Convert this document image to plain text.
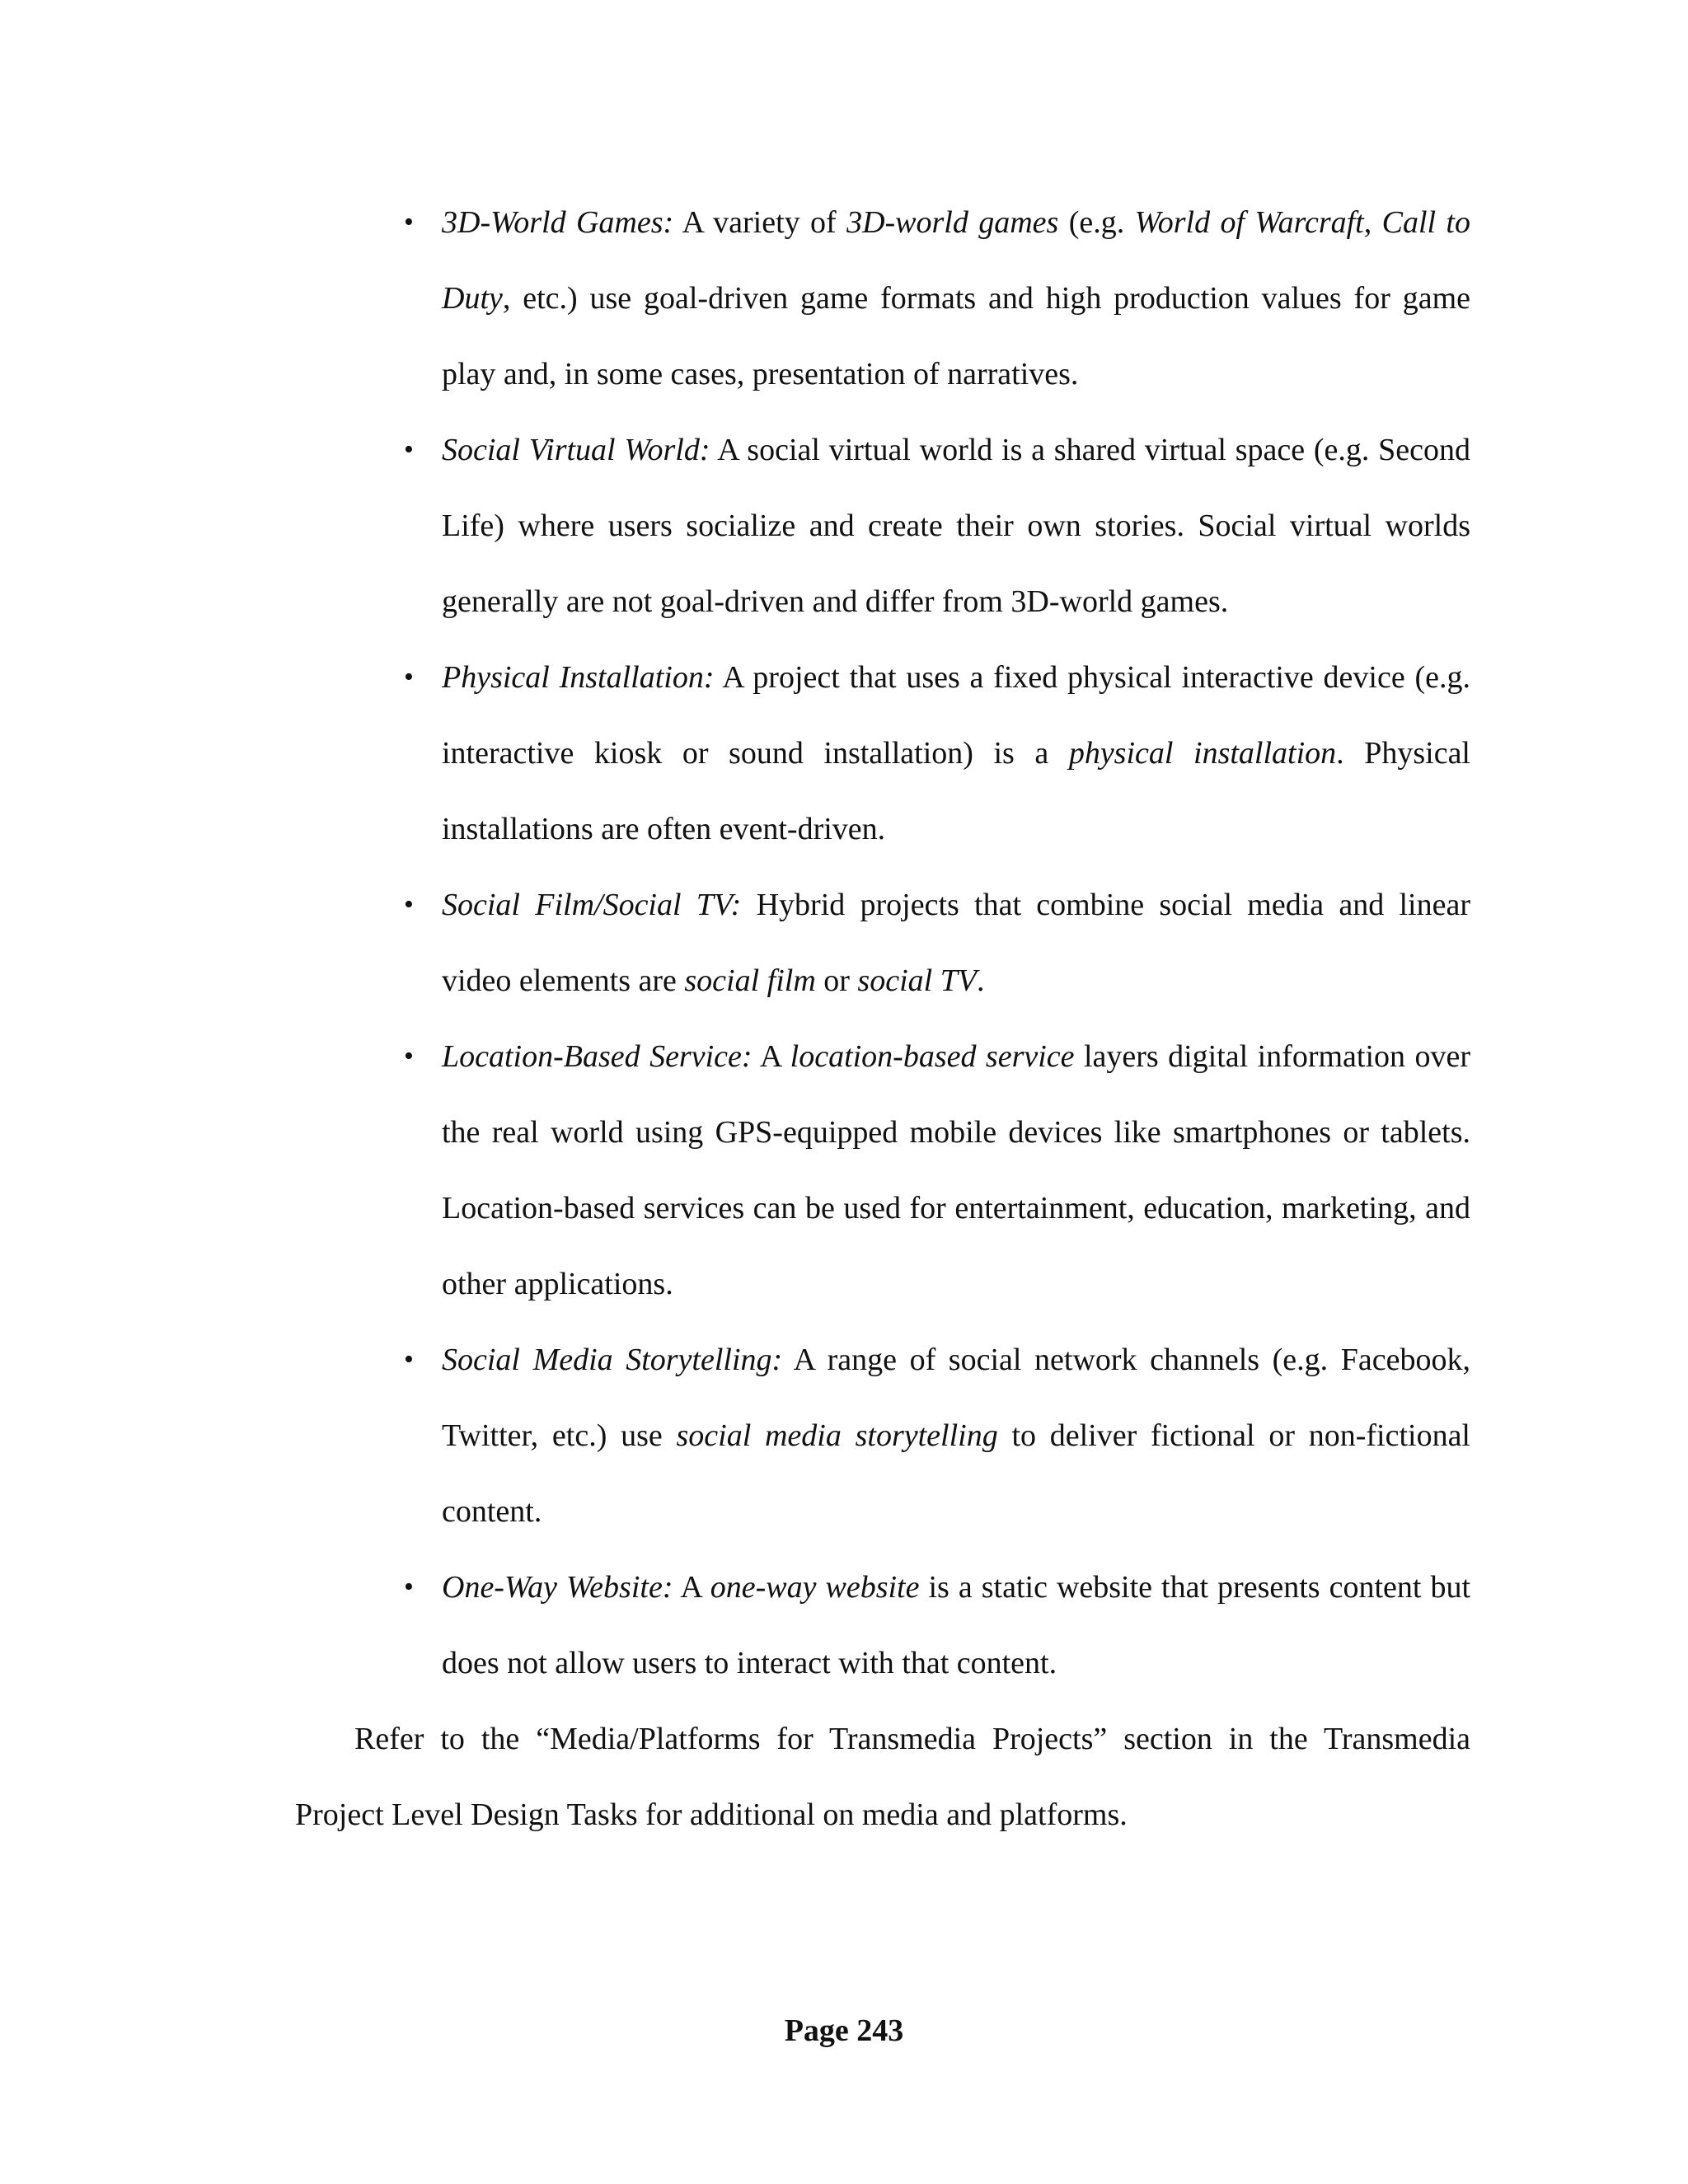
• 3D-World Games: A variety of 3D-world games (e.g. World of Warcraft, Call to Duty, etc.) use goal-driven game formats and high production values for game play and, in some cases, presentation of narratives.
• Social Virtual World: A social virtual world is a shared virtual space (e.g. Second Life) where users socialize and create their own stories. Social virtual worlds generally are not goal-driven and differ from 3D-world games.
• Physical Installation: A project that uses a fixed physical interactive device (e.g. interactive kiosk or sound installation) is a physical installation. Physical installations are often event-driven.
• Social Film/Social TV: Hybrid projects that combine social media and linear video elements are social film or social TV.
• Location-Based Service: A location-based service layers digital information over the real world using GPS-equipped mobile devices like smartphones or tablets. Location-based services can be used for entertainment, education, marketing, and other applications.
• Social Media Storytelling: A range of social network channels (e.g. Facebook, Twitter, etc.) use social media storytelling to deliver fictional or non-fictional content.
• One-Way Website: A one-way website is a static website that presents content but does not allow users to interact with that content.

Refer to the “Media/Platforms for Transmedia Projects” section in the Transmedia Project Level Design Tasks for additional on media and platforms.

Page 243
